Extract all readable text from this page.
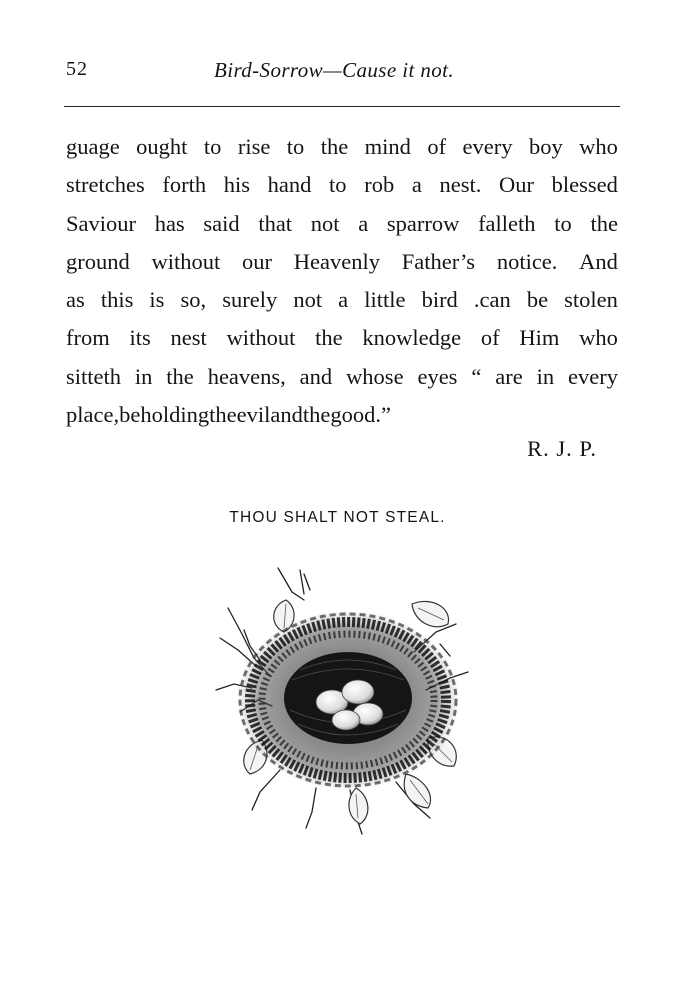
52	Bird-Sorrow—Cause it not.
guage ought to rise to the mind of every boy who
stretches forth his hand to rob a nest. Our blessed
Saviour has said that not a sparrow falleth to the
ground without our Heavenly Father’s notice. And
as this is so, surely not a little bird .can be stolen
from its nest without the knowledge of Him who
sitteth in the heavens, and whose eyes “ are in every
place, beholding the evil and the good.”
R. J. P.
THOU SHALT NOT STEAL.
